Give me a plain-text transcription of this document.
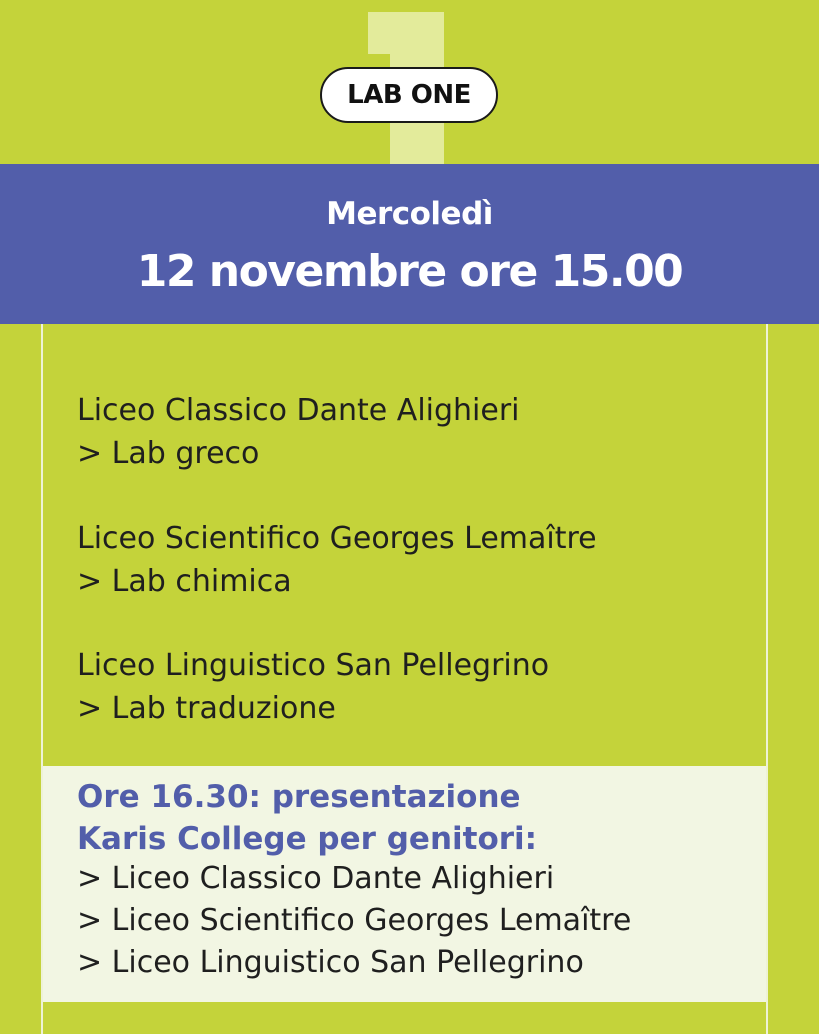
LAB ONE
Mercoledì
12 novembre ore 15.00
Liceo Classico Dante Alighieri
> Lab greco
Liceo Scientifico Georges Lemaître
> Lab chimica
Liceo Linguistico San Pellegrino
> Lab traduzione
Ore 16.30: presentazione
Karis College per genitori:
> Liceo Classico Dante Alighieri
> Liceo Scientifico Georges Lemaître
> Liceo Linguistico San Pellegrino
